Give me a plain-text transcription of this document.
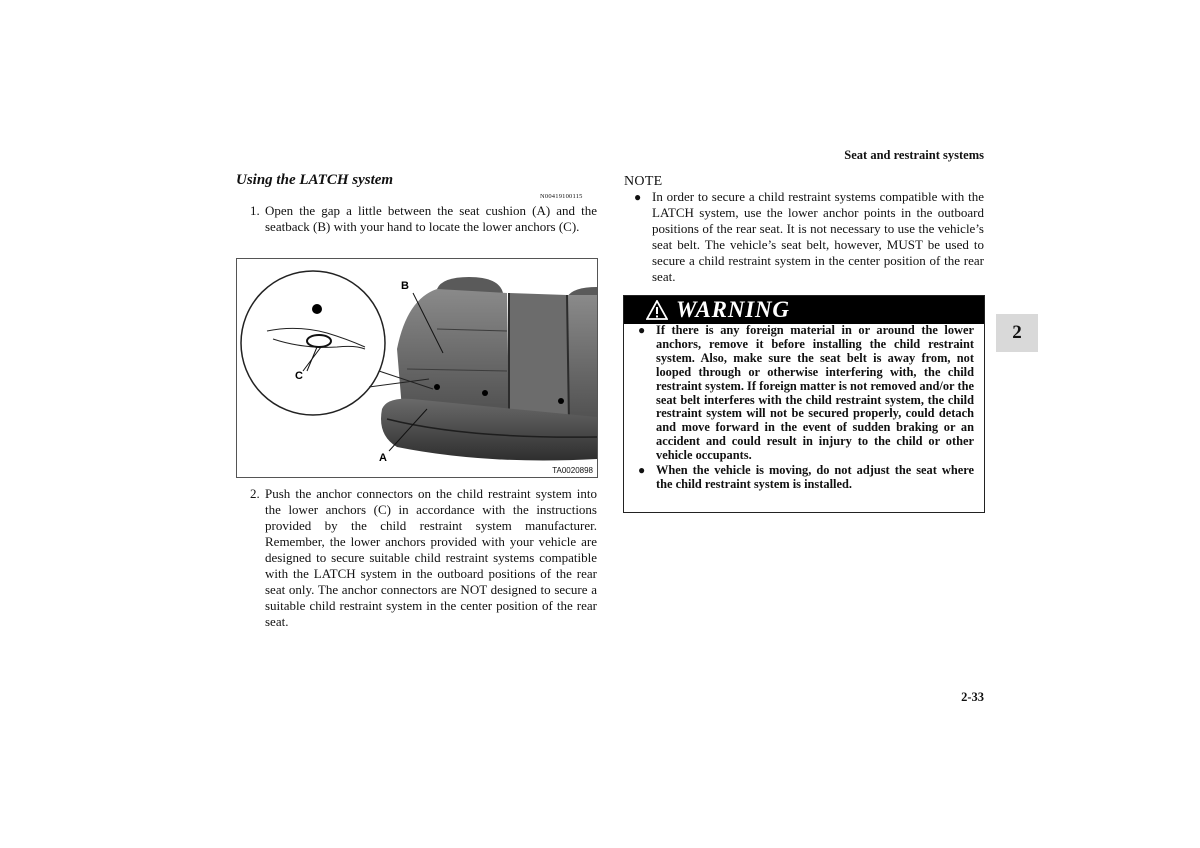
Seat and restraint systems
2
Using the LATCH system
N00419100115
1. Open the gap a little between the seat cushion (A) and the seatback (B) with your hand to locate the lower anchors (C).
B
C
A
TA0020898
2. Push the anchor connectors on the child restraint system into the lower anchors (C) in accordance with the instructions provided by the child restraint system manufacturer. Remember, the lower anchors provided with your vehicle are designed to secure suitable child restraint systems compatible with the LATCH system in the outboard positions of the rear seat only. The anchor connectors are NOT designed to secure a suitable child restraint system in the center position of the rear seat.
NOTE
● In order to secure a child restraint systems compatible with the LATCH system, use the lower anchor points in the outboard positions of the rear seat. It is not necessary to use the vehicle’s seat belt. The vehicle’s seat belt, however, MUST be used to secure a child restraint system in the center position of the rear seat.
WARNING
● If there is any foreign material in or around the lower anchors, remove it before installing the child restraint system. Also, make sure the seat belt is away from, not looped through or otherwise interfering with, the child restraint system. If foreign matter is not removed and/or the seat belt interferes with the child restraint system, the child restraint system will not be secured properly, could detach and move forward in the event of sudden braking or an accident and could result in injury to the child or other vehicle occupants.
● When the vehicle is moving, do not adjust the seat where the child restraint system is installed.
2-33
